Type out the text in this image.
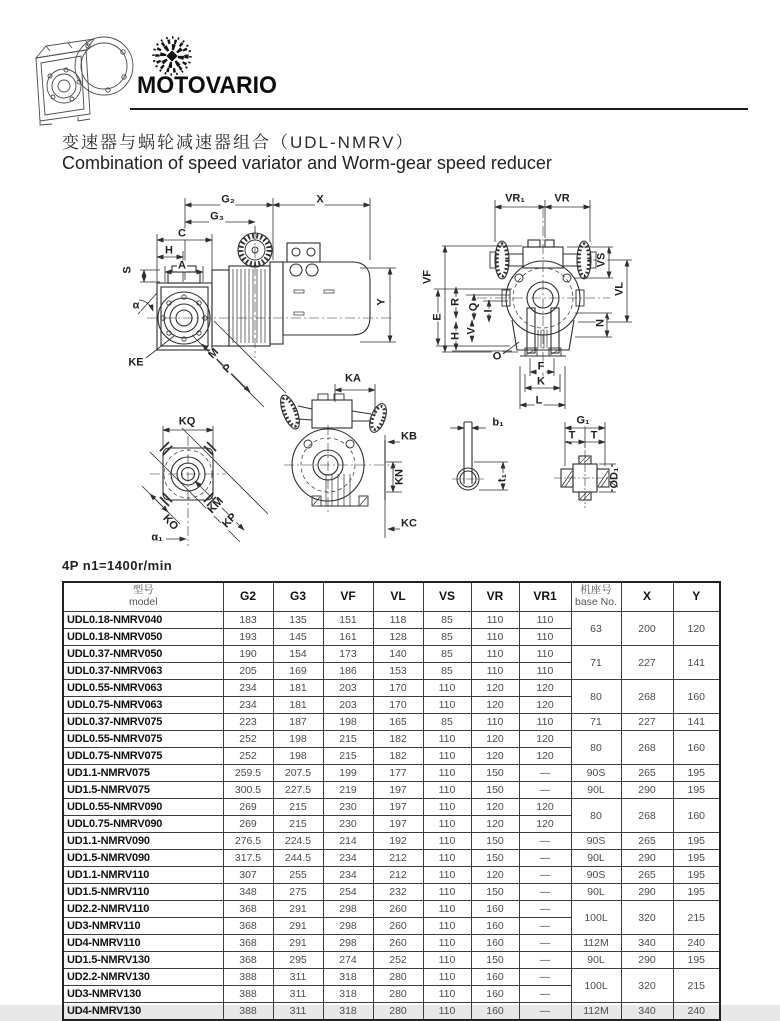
MOTOVARIO
变速器与蜗轮减速器组合（UDL-NMRV）
Combination of speed variator and Worm-gear speed reducer
G₂	X
G₃
C
H
A
S
α
KE
M
P
Y
VF
VR₁	VR
VS
VL
N
E
R
Q I
H
V
O
F
K
L
KQ
KM
KP
KO
α₁
KA
KB
KN
KC
b₁
t₁
G₁
T T
ØD₁
4P n1=1400r/min
型号
model	G2	G3	VF	VL	VS	VR	VR1	机座号
base No.	X	Y
UDL0.18-NMRV040	183	135	151	118	85	110	110	63	200	120
UDL0.18-NMRV050	193	145	161	128	85	110	110			
UDL0.37-NMRV050	190	154	173	140	85	110	110	71	227	141
UDL0.37-NMRV063	205	169	186	153	85	110	110			
UDL0.55-NMRV063	234	181	203	170	110	120	120	80	268	160
UDL0.75-NMRV063	234	181	203	170	110	120	120			
UDL0.37-NMRV075	223	187	198	165	85	110	110	71	227	141
UDL0.55-NMRV075	252	198	215	182	110	120	120	80	268	160
UDL0.75-NMRV075	252	198	215	182	110	120	120			
UD1.1-NMRV075	259.5	207.5	199	177	110	150	—	90S	265	195
UD1.5-NMRV075	300.5	227.5	219	197	110	150	—	90L	290	195
UDL0.55-NMRV090	269	215	230	197	110	120	120	80	268	160
UDL0.75-NMRV090	269	215	230	197	110	120	120			
UD1.1-NMRV090	276.5	224.5	214	192	110	150	—	90S	265	195
UD1.5-NMRV090	317.5	244.5	234	212	110	150	—	90L	290	195
UD1.1-NMRV110	307	255	234	212	110	120	—	90S	265	195
UD1.5-NMRV110	348	275	254	232	110	150	—	90L	290	195
UD2.2-NMRV110	368	291	298	260	110	160	—	100L	320	215
UD3-NMRV110	368	291	298	260	110	160	—			
UD4-NMRV110	368	291	298	260	110	160	—	112M	340	240
UD1.5-NMRV130	368	295	274	252	110	150	—	90L	290	195
UD2.2-NMRV130	388	311	318	280	110	160	—	100L	320	215
UD3-NMRV130	388	311	318	280	110	160	—			
UD4-NMRV130	388	311	318	280	110	160	—	112M	340	240
